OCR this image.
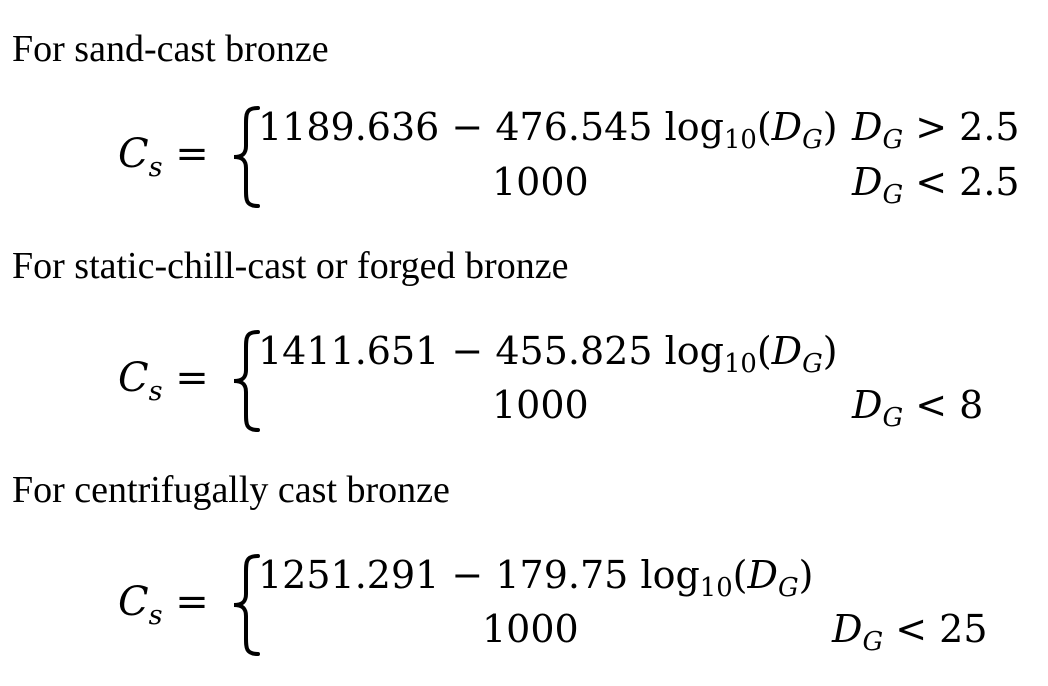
For sand-cast bronze
$C_s$ =
1189.636 − 476.545 $\log_{10}(D_G)$
1000
$D_G > 2.5$
$D_G < 2.5$
For static-chill-cast or forged bronze
$C_s$ =
1411.651 − 455.825 $\log_{10}(D_G)$
1000	$D_G < 8$
For centrifugally cast bronze
$C_s$ =
1251.291 − 179.75 $\log_{10}(D_G)$
1000	$D_G < 25$
